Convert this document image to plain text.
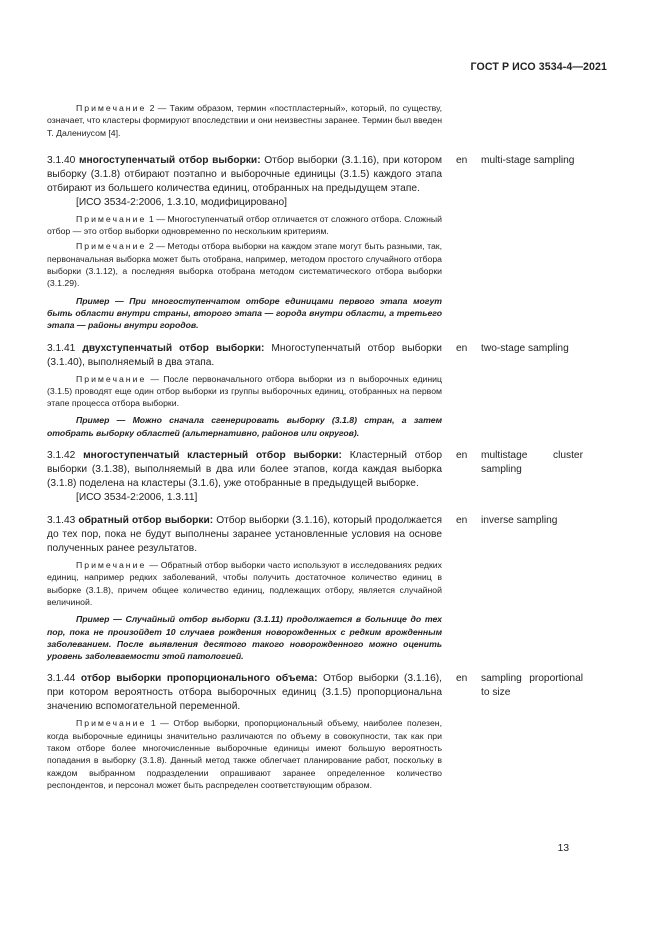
ГОСТ Р ИСО 3534-4—2021

Примечание 2 — Таким образом, термин «постпластерный», который, по существу, означает, что кластеры формируют впоследствии и они неизвестны заранее. Термин был введен Т. Далениусом [4].

3.1.40 многоступенчатый отбор выборки: Отбор выборки (3.1.16), при котором выборку (3.1.8) отбирают поэтапно и выборочные единицы (3.1.5) каждого этапа отбирают из большего количества единиц, отобранных на предыдущем этапе.

[ИСО 3534-2:2006, 1.3.10, модифицировано]

Примечание 1 — Многоступенчатый отбор отличается от сложного отбора. Сложный отбор — это отбор выборки одновременно по нескольким критериям.

Примечание 2 — Методы отбора выборки на каждом этапе могут быть разными, так, первоначальная выборка может быть отобрана, например, методом простого случайного отбора выборки (3.1.12), а последняя выборка отобрана методом систематического отбора выборки (3.1.29).

Пример — При многоступенчатом отборе единицами первого этапа могут быть области внутри страны, второго этапа — города внутри области, а третьего этапа — районы внутри городов.

en	multi-stage sampling

3.1.41 двухступенчатый отбор выборки: Многоступенчатый отбор выборки (3.1.40), выполняемый в два этапа.

Примечание — После первоначального отбора выборки из n выборочных единиц (3.1.5) проводят еще один отбор выборки из группы выборочных единиц, отобранных на первом этапе процесса отбора выборки.

Пример — Можно сначала сгенерировать выборку (3.1.8) стран, а затем отобрать выборку областей (альтернативно, районов или округов).

en	two-stage sampling

3.1.42 многоступенчатый кластерный отбор выборки: Кластерный отбор выборки (3.1.38), выполняемый в два или более этапов, когда каждая выборка (3.1.8) поделена на кластеры (3.1.6), уже отобранные в предыдущей выборке.

[ИСО 3534-2:2006, 1.3.11]

en	multistage cluster sampling

3.1.43 обратный отбор выборки: Отбор выборки (3.1.16), который продолжается до тех пор, пока не будут выполнены заранее установленные условия на основе полученных ранее результатов.

Примечание — Обратный отбор выборки часто используют в исследованиях редких единиц, например редких заболеваний, чтобы получить достаточное количество единиц в выборке (3.1.8), причем общее количество единиц, подлежащих отбору, является случайной величиной.

Пример — Случайный отбор выборки (3.1.11) продолжается в больнице до тех пор, пока не произойдет 10 случаев рождения новорожденных с редким врожденным заболеванием. После выявления десятого такого новорожденного можно оценить уровень заболеваемости этой патологией.

en	inverse sampling

3.1.44 отбор выборки пропорционального объема: Отбор выборки (3.1.16), при котором вероятность отбора выборочных единиц (3.1.5) пропорциональна значению вспомогательной переменной.

Примечание 1 — Отбор выборки, пропорциональный объему, наиболее полезен, когда выборочные единицы значительно различаются по объему в совокупности, так как при таком отборе более многочисленные выборочные единицы имеют большую вероятность попадания в выборку (3.1.8). Данный метод также облегчает планирование работ, поскольку в каждом выбранном подразделении опрашивают заранее определенное количество респондентов, и персонал может быть распределен соответствующим образом.

en	sampling proportional to size
13
